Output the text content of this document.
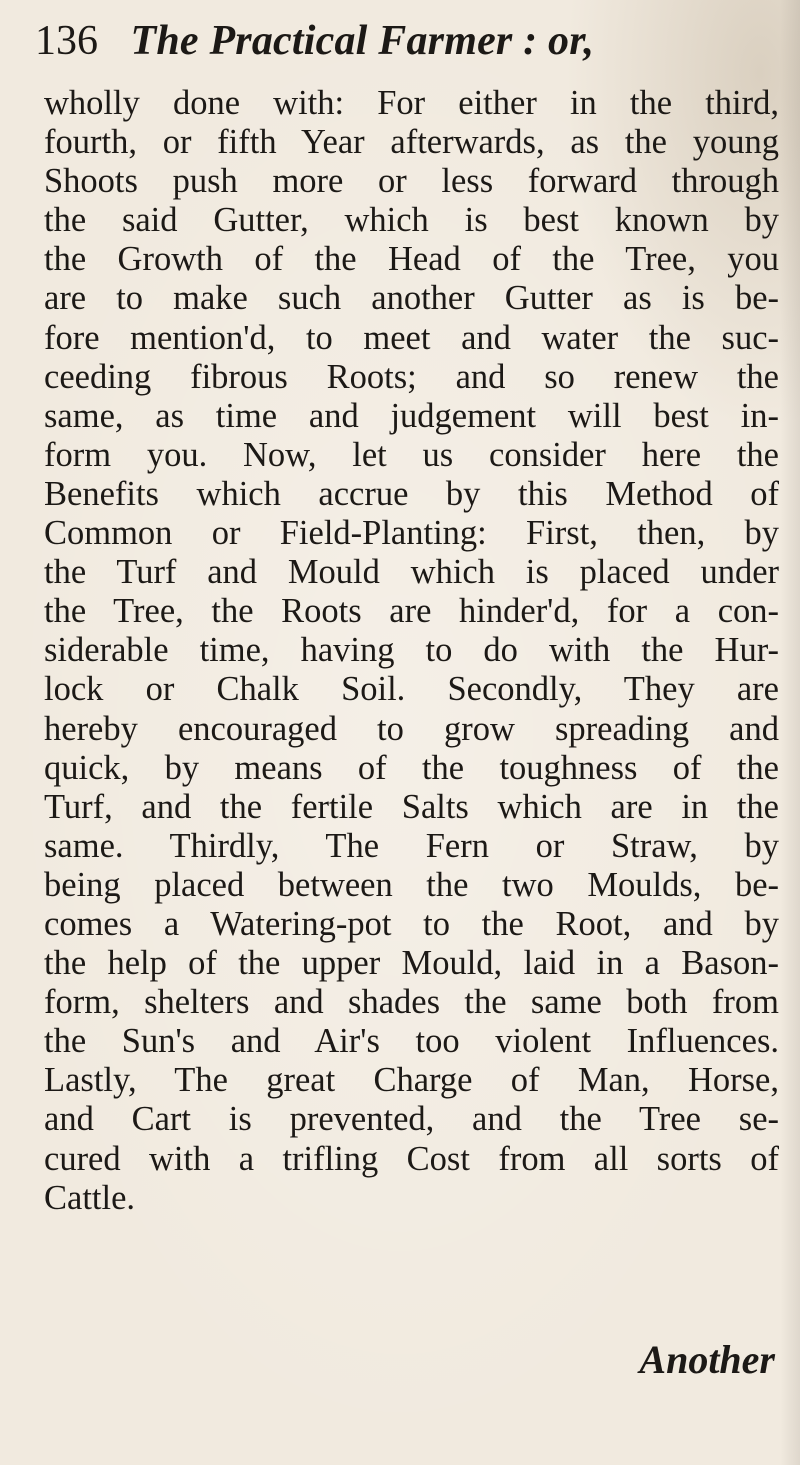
136 The Practical Farmer : or,
wholly done with: For either in the third,
fourth, or fifth Year afterwards, as the young
Shoots push more or less forward through
the said Gutter, which is best known by
the Growth of the Head of the Tree, you
are to make such another Gutter as is be-
fore mention'd, to meet and water the suc-
ceeding fibrous Roots; and so renew the
same, as time and judgement will best in-
form you. Now, let us consider here the
Benefits which accrue by this Method of
Common or Field-Planting: First, then, by
the Turf and Mould which is placed under
the Tree, the Roots are hinder'd, for a con-
siderable time, having to do with the Hur-
lock or Chalk Soil. Secondly, They are
hereby encouraged to grow spreading and
quick, by means of the toughness of the
Turf, and the fertile Salts which are in the
same. Thirdly, The Fern or Straw, by
being placed between the two Moulds, be-
comes a Watering-pot to the Root, and by
the help of the upper Mould, laid in a Bason-
form, shelters and shades the same both from
the Sun's and Air's too violent Influences.
Lastly, The great Charge of Man, Horse,
and Cart is prevented, and the Tree se-
cured with a trifling Cost from all sorts of
Cattle.
Another
